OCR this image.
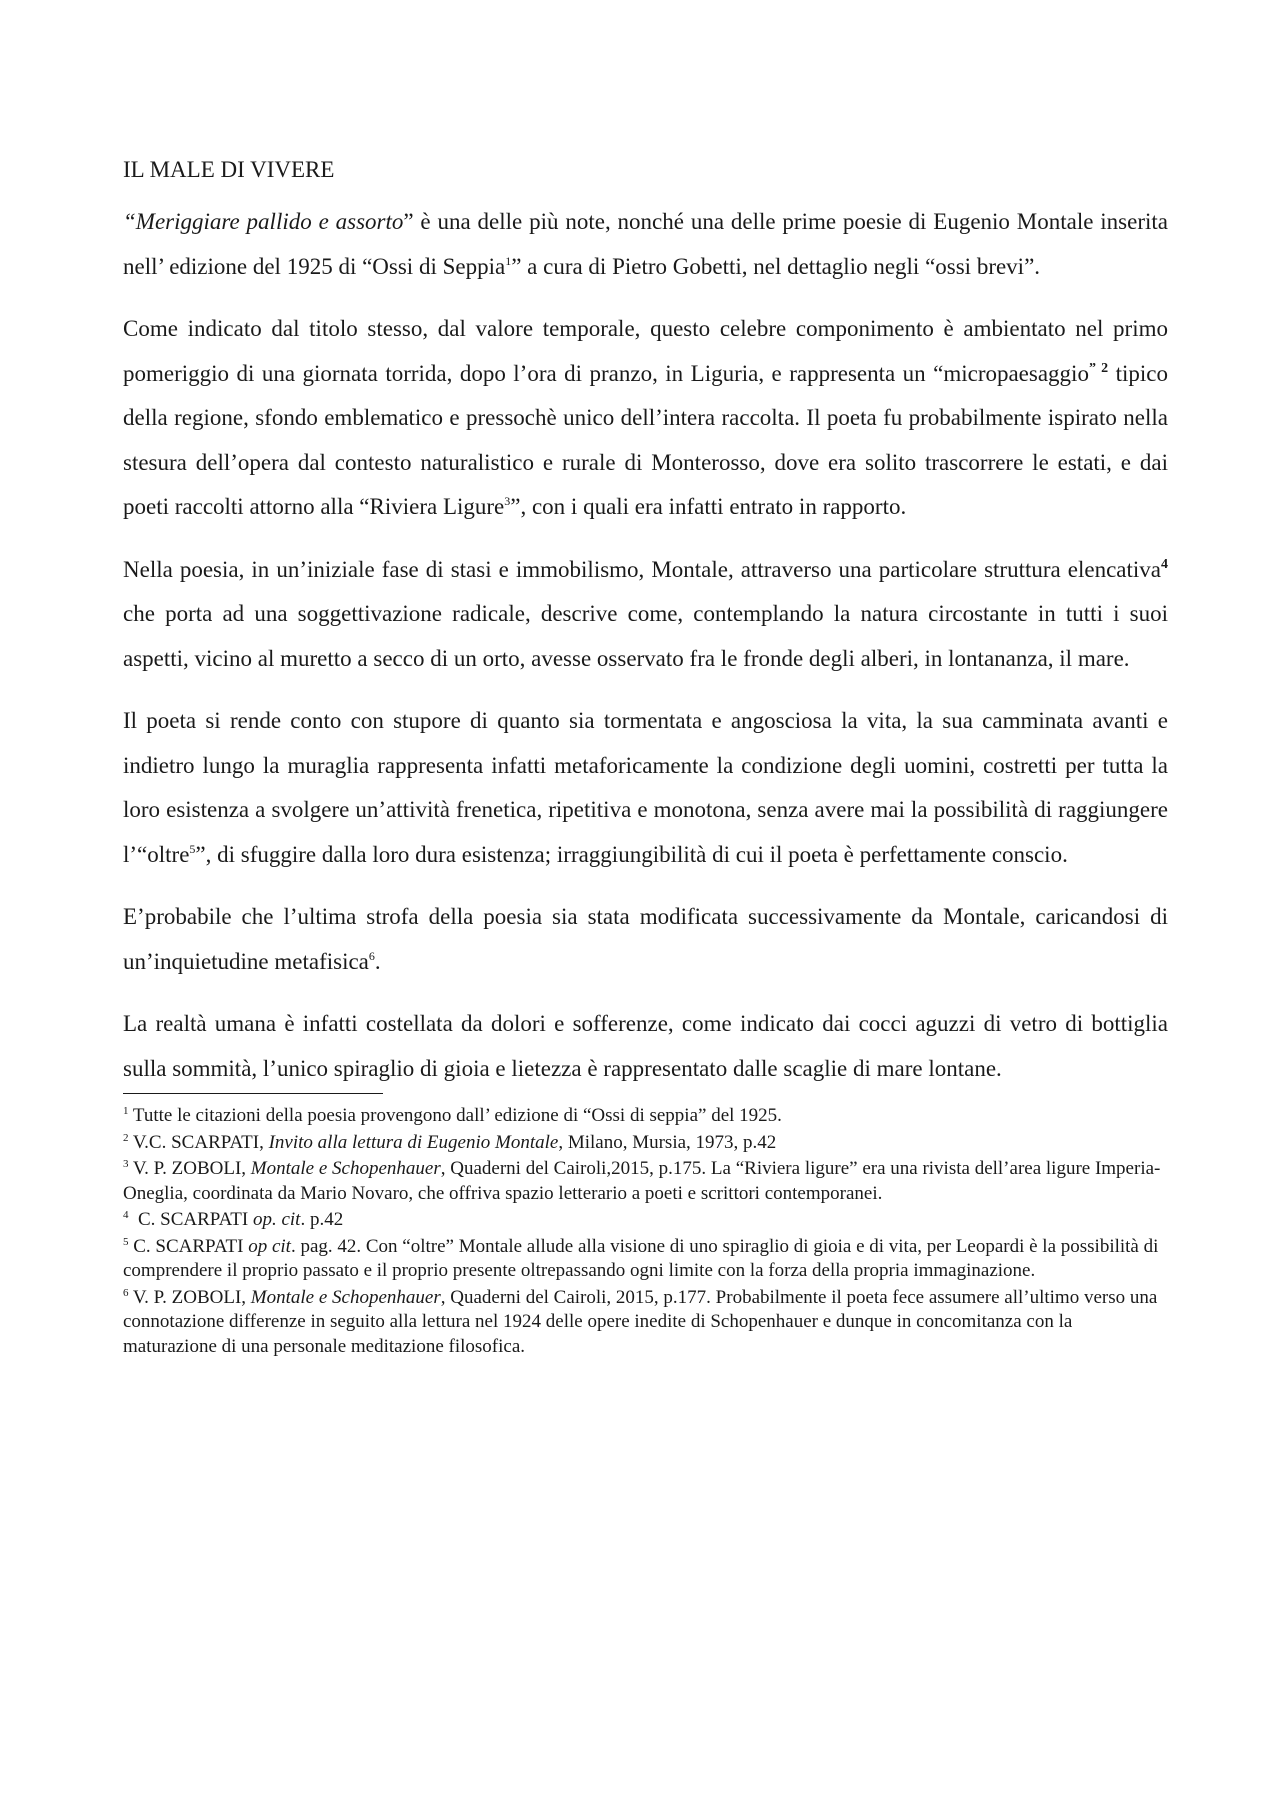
IL MALE DI VIVERE

“Meriggiare pallido e assorto” è una delle più note, nonché una delle prime poesie di Eugenio Montale inserita nell’ edizione del 1925 di “Ossi di Seppia$^1$” a cura di Pietro Gobetti, nel dettaglio negli “ossi brevi”.

Come indicato dal titolo stesso, dal valore temporale, questo celebre componimento è ambientato nel primo pomeriggio di una giornata torrida, dopo l’ora di pranzo, in Liguria, e rappresenta un “micropaesaggio$^{” 2}$ tipico della regione, sfondo emblematico e pressochè unico dell’intera raccolta. Il poeta fu probabilmente ispirato nella stesura dell’opera dal contesto naturalistico e rurale di Monterosso, dove era solito trascorrere le estati, e dai poeti raccolti attorno alla “Riviera Ligure$^3$”, con i quali era infatti entrato in rapporto.

Nella poesia, in un’iniziale fase di stasi e immobilismo, Montale, attraverso una particolare struttura elencativa$^4$ che porta ad una soggettivazione radicale, descrive come, contemplando la natura circostante in tutti i suoi aspetti, vicino al muretto a secco di un orto, avesse osservato fra le fronde degli alberi, in lontananza, il mare.

Il poeta si rende conto con stupore di quanto sia tormentata e angosciosa la vita, la sua camminata avanti e indietro lungo la muraglia rappresenta infatti metaforicamente la condizione degli uomini, costretti per tutta la loro esistenza a svolgere un’attività frenetica, ripetitiva e monotona, senza avere mai la possibilità di raggiungere l’“oltre$^5$”, di sfuggire dalla loro dura esistenza; irraggiungibilità di cui il poeta è perfettamente conscio.

E’probabile che l’ultima strofa della poesia sia stata modificata successivamente da Montale, caricandosi di un’inquietudine metafisica$^6$.

La realtà umana è infatti costellata da dolori e sofferenze, come indicato dai cocci aguzzi di vetro di bottiglia sulla sommità, l’unico spiraglio di gioia e lietezza è rappresentato dalle scaglie di mare lontane.

$^1$ Tutte le citazioni della poesia provengono dall’ edizione di “Ossi di seppia” del 1925.
$^2$ V.C. SCARPATI, Invito alla lettura di Eugenio Montale, Milano, Mursia, 1973, p.42
$^3$ V. P. ZOBOLI, Montale e Schopenhauer, Quaderni del Cairoli,2015, p.175. La “Riviera ligure” era una rivista dell’area ligure Imperia-Oneglia, coordinata da Mario Novaro, che offriva spazio letterario a poeti e scrittori contemporanei.
$^4$  C. SCARPATI op. cit. p.42
$^5$ C. SCARPATI op cit. pag. 42. Con “oltre” Montale allude alla visione di uno spiraglio di gioia e di vita, per Leopardi è la possibilità di comprendere il proprio passato e il proprio presente oltrepassando ogni limite con la forza della propria immaginazione.
$^6$ V. P. ZOBOLI, Montale e Schopenhauer, Quaderni del Cairoli, 2015, p.177. Probabilmente il poeta fece assumere all’ultimo verso una connotazione differenze in seguito alla lettura nel 1924 delle opere inedite di Schopenhauer e dunque in concomitanza con la maturazione di una personale meditazione filosofica.
